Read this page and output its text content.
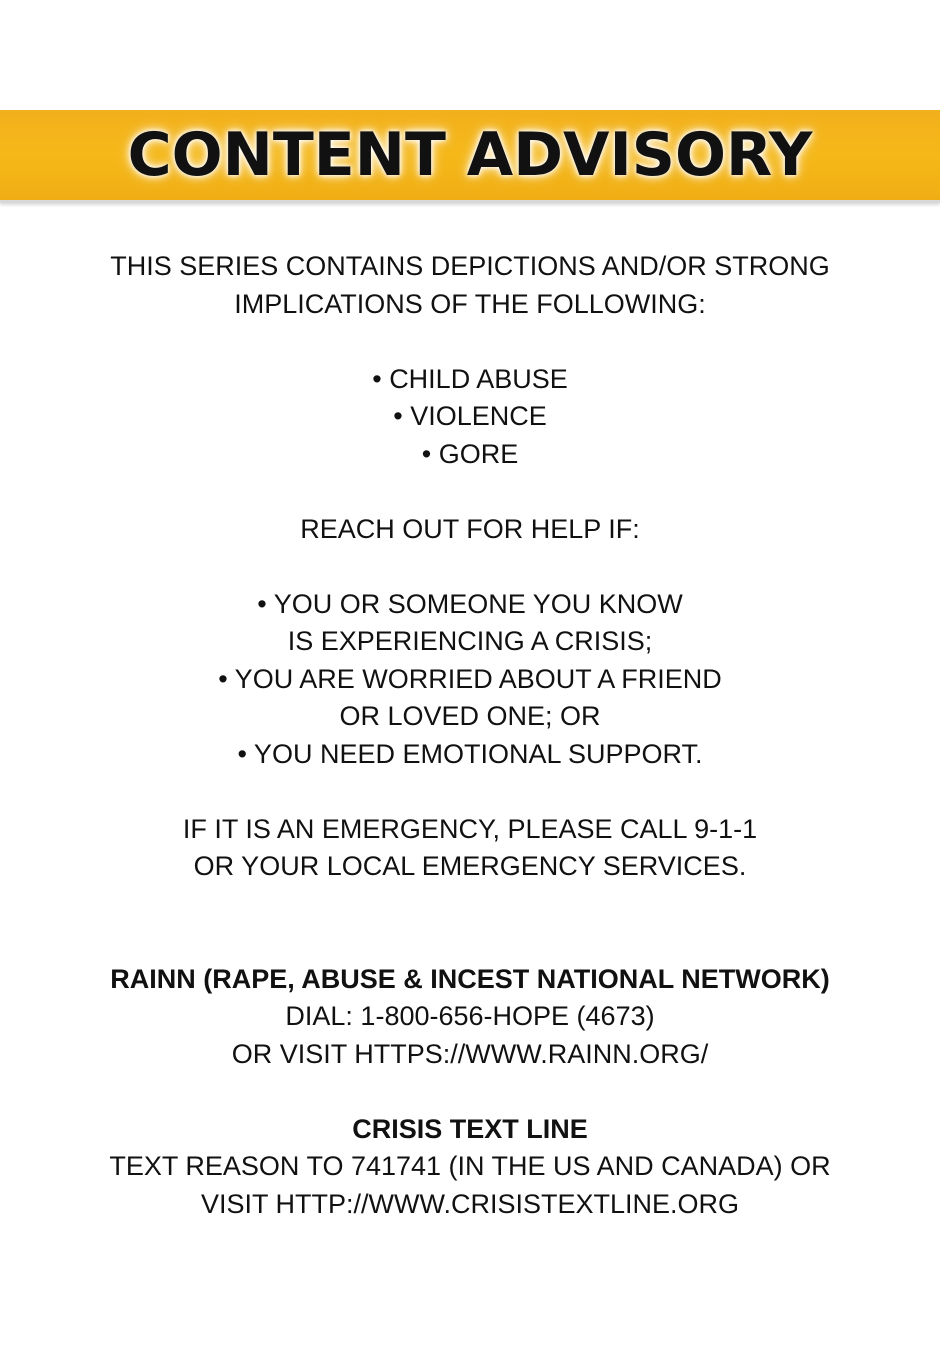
CONTENT ADVISORY
THIS SERIES CONTAINS DEPICTIONS AND/OR STRONG
IMPLICATIONS OF THE FOLLOWING:
• CHILD ABUSE
• VIOLENCE
• GORE
REACH OUT FOR HELP IF:
• YOU OR SOMEONE YOU KNOW
IS EXPERIENCING A CRISIS;
• YOU ARE WORRIED ABOUT A FRIEND
OR LOVED ONE; OR
• YOU NEED EMOTIONAL SUPPORT.
IF IT IS AN EMERGENCY, PLEASE CALL 9-1-1
OR YOUR LOCAL EMERGENCY SERVICES.
RAINN (RAPE, ABUSE & INCEST NATIONAL NETWORK)
DIAL: 1-800-656-HOPE (4673)
OR VISIT HTTPS://WWW.RAINN.ORG/
CRISIS TEXT LINE
TEXT REASON TO 741741 (IN THE US AND CANADA) OR
VISIT HTTP://WWW.CRISISTEXTLINE.ORG
